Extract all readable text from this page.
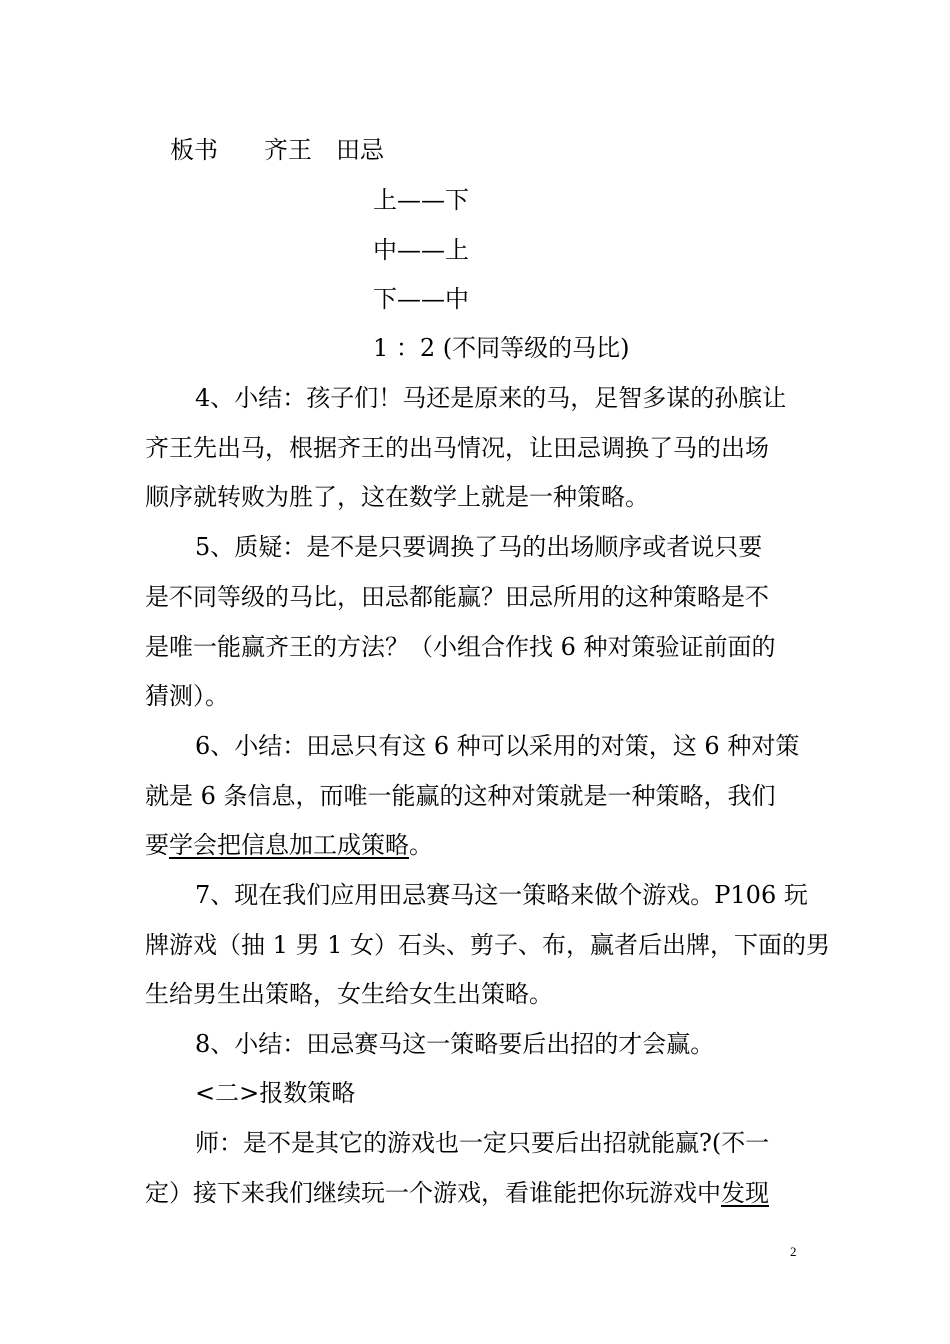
板书 齐王 田忌
上——下
中——上
下——中
1 ：2 (不同等级的马比)
4、小结：孩子们！马还是原来的马，足智多谋的孙膑让
齐王先出马，根据齐王的出马情况，让田忌调换了马的出场
顺序就转败为胜了，这在数学上就是一种策略。
5、质疑：是不是只要调换了马的出场顺序或者说只要
是不同等级的马比，田忌都能赢？田忌所用的这种策略是不
是唯一能赢齐王的方法？（小组合作找 6 种对策验证前面的
猜测）。
6、小结：田忌只有这 6 种可以采用的对策，这 6 种对策
就是 6 条信息，而唯一能赢的这种对策就是一种策略，我们
要学会把信息加工成策略。
7、现在我们应用田忌赛马这一策略来做个游戏。P106 玩
牌游戏（抽 1 男 1 女）石头、剪子、布，赢者后出牌，下面的男
生给男生出策略，女生给女生出策略。
8、小结：田忌赛马这一策略要后出招的才会赢。
<二>报数策略
师：是不是其它的游戏也一定只要后出招就能赢?(不一
定）接下来我们继续玩一个游戏，看谁能把你玩游戏中发现
2
